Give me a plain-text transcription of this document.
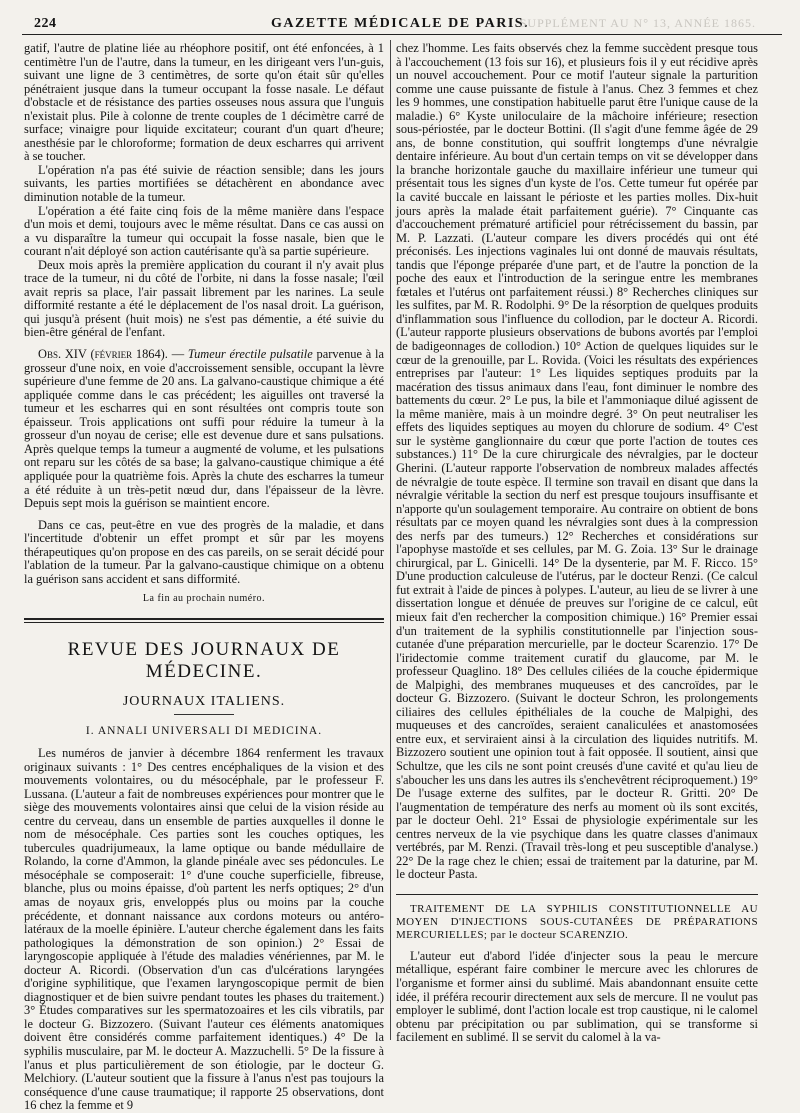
224	GAZETTE MÉDICALE DE PARIS.
SUPPLÉMENT AU N° 13, ANNÉE 1865.

gatif, l'autre de platine liée au rhéophore positif, ont été enfoncées, à 1 centimètre l'un de l'autre, dans la tumeur, en les dirigeant vers l'un-guis, suivant une ligne de 3 centimètres, de sorte qu'on était sûr qu'elles pénétraient jusque dans la tumeur occupant la fosse nasale. Le défaut d'obstacle et de résistance des parties osseuses nous assura que l'unguis n'existait plus. Pile à colonne de trente couples de 1 décimètre carré de surface; vinaigre pour liquide excitateur; courant d'un quart d'heure; anesthésie par le chloroforme; formation de deux escharres qui arrivent à se toucher.

L'opération n'a pas été suivie de réaction sensible; dans les jours suivants, les parties mortifiées se détachèrent en abondance avec diminution notable de la tumeur.

L'opération a été faite cinq fois de la même manière dans l'espace d'un mois et demi, toujours avec le même résultat. Dans ce cas aussi on a vu disparaître la tumeur qui occupait la fosse nasale, bien que le courant n'ait déployé son action cautérisante qu'à sa partie supérieure.

Deux mois après la première application du courant il n'y avait plus trace de la tumeur, ni du côté de l'orbite, ni dans la fosse nasale; l'œil avait repris sa place, l'air passait librement par les narines. La seule difformité restante a été le déplacement de l'os nasal droit. La guérison, qui jusqu'à présent (huit mois) ne s'est pas démentie, a été suivie du bien-être général de l'enfant.

Obs. XIV (février 1864). — Tumeur érectile pulsatile parvenue à la grosseur d'une noix, en voie d'accroissement sensible, occupant la lèvre supérieure d'une femme de 20 ans. La galvano-caustique chimique a été appliquée comme dans le cas précédent; les aiguilles ont traversé la tumeur et les escharres qui en sont résultées ont compris toute son épaisseur. Trois applications ont suffi pour réduire la tumeur à la grosseur d'un noyau de cerise; elle est devenue dure et sans pulsations. Après quelque temps la tumeur a augmenté de volume, et les pulsations ont reparu sur les côtés de sa base; la galvano-caustique chimique a été appliquée pour la quatrième fois. Après la chute des escharres la tumeur a été réduite à un très-petit nœud dur, dans l'épaisseur de la lèvre. Depuis sept mois la guérison se maintient encore.

Dans ce cas, peut-être en vue des progrès de la maladie, et dans l'incertitude d'obtenir un effet prompt et sûr par les moyens thérapeutiques qu'on propose en des cas pareils, on se serait décidé pour l'ablation de la tumeur. Par la galvano-caustique chimique on a obtenu la guérison sans accident et sans difformité.

La fin au prochain numéro.

REVUE DES JOURNAUX DE MÉDECINE.
JOURNAUX ITALIENS.
I. ANNALI UNIVERSALI DI MEDICINA.

Les numéros de janvier à décembre 1864 renferment les travaux originaux suivants : 1° Des centres encéphaliques de la vision et des mouvements volontaires, ou du mésocéphale, par le professeur F. Lussana. (L'auteur a fait de nombreuses expériences pour montrer que le siège des mouvements volontaires ainsi que celui de la vision réside au centre du cerveau, dans un ensemble de parties auxquelles il donne le nom de mésocéphale. Ces parties sont les couches optiques, les tubercules quadrijumeaux, la lame optique ou bande médullaire de Rolando, la corne d'Ammon, la glande pinéale avec ses pédoncules. Le mésocéphale se composerait: 1° d'une couche superficielle, fibreuse, blanche, plus ou moins épaisse, d'où partent les nerfs optiques; 2° d'un amas de noyaux gris, enveloppés plus ou moins par la couche précédente, et donnant naissance aux cordons moteurs ou antéro-latéraux de la moelle épinière. L'auteur cherche également dans les faits pathologiques la démonstration de son opinion.) 2° Essai de laryngoscopie appliquée à l'étude des maladies vénériennes, par M. le docteur A. Ricordi. (Observation d'un cas d'ulcérations laryngées d'origine syphilitique, que l'examen laryngoscopique permit de bien diagnostiquer et de bien suivre pendant toutes les phases du traitement.) 3° Études comparatives sur les spermatozoaires et les cils vibratils, par le docteur G. Bizzozero. (Suivant l'auteur ces éléments anatomiques doivent être considérés comme parfaitement identiques.) 4° De la syphilis musculaire, par M. le docteur A. Mazzuchelli. 5° De la fissure à l'anus et plus particulièrement de son étiologie, par le docteur G. Melchiory. (L'auteur soutient que la fissure à l'anus n'est pas toujours la conséquence d'une cause traumatique; il rapporte 25 observations, dont 16 chez la femme et 9

chez l'homme. Les faits observés chez la femme succèdent presque tous à l'accouchement (13 fois sur 16), et plusieurs fois il y eut récidive après un nouvel accouchement. Pour ce motif l'auteur signale la parturition comme une cause puissante de fistule à l'anus. Chez 3 femmes et chez les 9 hommes, une constipation habituelle parut être l'unique cause de la maladie.) 6° Kyste uniloculaire de la mâchoire inférieure; resection sous-périostée, par le docteur Bottini. (Il s'agit d'une femme âgée de 29 ans, de bonne constitution, qui souffrit longtemps d'une névralgie dentaire inférieure. Au bout d'un certain temps on vit se développer dans la branche horizontale gauche du maxillaire inférieur une tumeur qui présentait tous les signes d'un kyste de l'os. Cette tumeur fut opérée par la cavité buccale en laissant le périoste et les parties molles. Dix-huit jours après la malade était parfaitement guérie). 7° Cinquante cas d'accouchement prématuré artificiel pour rétrécissement du bassin, par M. P. Lazzati. (L'auteur compare les divers procédés qui ont été préconisés. Les injections vaginales lui ont donné de mauvais résultats, tandis que l'éponge préparée d'une part, et de l'autre la ponction de la poche des eaux et l'introduction de la seringue entre les membranes fœtales et l'utérus ont parfaitement réussi.) 8° Recherches cliniques sur les sulfites, par M. R. Rodolphi. 9° De la résorption de quelques produits d'inflammation sous l'influence du collodion, par le docteur A. Ricordi. (L'auteur rapporte plusieurs observations de bubons avortés par l'emploi de badigeonnages de collodion.) 10° Action de quelques liquides sur le cœur de la grenouille, par L. Rovida. (Voici les résultats des expériences entreprises par l'auteur: 1° Les liquides septiques produits par la macération des tissus animaux dans l'eau, font diminuer le nombre des battements du cœur. 2° Le pus, la bile et l'ammoniaque dilué agissent de la même manière, mais à un moindre degré. 3° On peut neutraliser les effets des liquides septiques au moyen du chlorure de sodium. 4° C'est sur le système ganglionnaire du cœur que porte l'action de toutes ces substances.) 11° De la cure chirurgicale des névralgies, par le docteur Gherini. (L'auteur rapporte l'observation de nombreux malades affectés de névralgie de toute espèce. Il termine son travail en disant que dans la névralgie véritable la section du nerf est presque toujours insuffisante et n'apporte qu'un soulagement temporaire. Au contraire on obtient de bons résultats par ce moyen quand les névralgies sont dues à la compression des nerfs par des tumeurs.) 12° Recherches et considérations sur l'apophyse mastoïde et ses cellules, par M. G. Zoia. 13° Sur le drainage chirurgical, par L. Ginicelli. 14° De la dysenterie, par M. F. Ricco. 15° D'une production calculeuse de l'utérus, par le docteur Renzi. (Ce calcul fut extrait à l'aide de pinces à polypes. L'auteur, au lieu de se livrer à une dissertation longue et dénuée de preuves sur l'origine de ce calcul, eût mieux fait d'en rechercher la composition chimique.) 16° Premier essai d'un traitement de la syphilis constitutionnelle par l'injection sous-cutanée d'une préparation mercurielle, par le docteur Scarenzio. 17° De l'iridectomie comme traitement curatif du glaucome, par M. le professeur Quaglino. 18° Des cellules ciliées de la couche épidermique de Malpighi, des membranes muqueuses et des cancroïdes, par le docteur G. Bizzozero. (Suivant le docteur Schron, les prolongements ciliaires des cellules épithéliales de la couche de Malpighi, des muqueuses et des cancroïdes, seraient canaliculées et anastomosées entre eux, et serviraient ainsi à la circulation des liquides nutritifs. M. Bizzozero soutient une opinion tout à fait opposée. Il soutient, ainsi que Schultze, que les cils ne sont point creusés d'une cavité et qu'au lieu de s'aboucher les uns dans les autres ils s'enchevêtrent réciproquement.) 19° De l'usage externe des sulfites, par le docteur R. Gritti. 20° De l'augmentation de température des nerfs au moment où ils sont excités, par le docteur Oehl. 21° Essai de physiologie expérimentale sur les centres nerveux de la vie psychique dans les quatre classes d'animaux vertébrés, par M. Renzi. (Travail très-long et peu susceptible d'analyse.) 22° De la rage chez le chien; essai de traitement par la daturine, par M. le docteur Pasta.

TRAITEMENT DE LA SYPHILIS CONSTITUTIONNELLE AU MOYEN D'INJECTIONS SOUS-CUTANÉES DE PRÉPARATIONS MERCURIELLES; par le docteur SCARENZIO.

L'auteur eut d'abord l'idée d'injecter sous la peau le mercure métallique, espérant faire combiner le mercure avec les chlorures de l'organisme et former ainsi du sublimé. Mais abandonnant ensuite cette idée, il préféra recourir directement aux sels de mercure. Il ne voulut pas employer le sublimé, dont l'action locale est trop caustique, ni le calomel obtenu par précipitation ou par sublimation, qui se transforme si facilement en sublimé. Il se servit du calomel à la va-
